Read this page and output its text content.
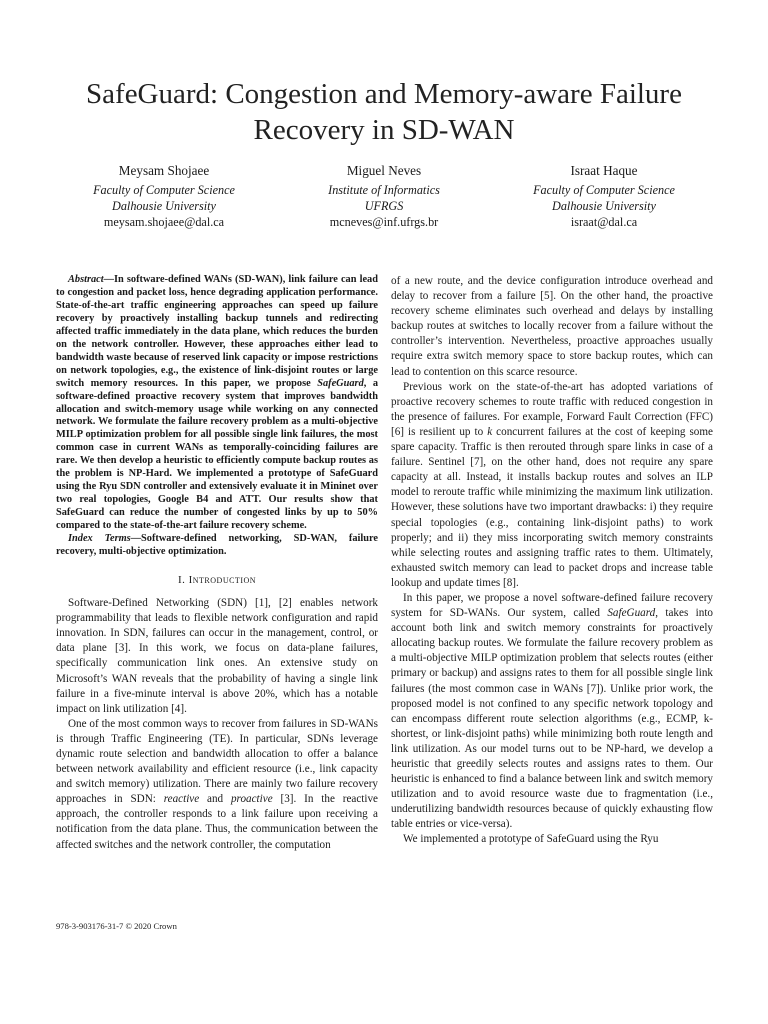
SafeGuard: Congestion and Memory-aware Failure
Recovery in SD-WAN
Meysam Shojaee
Faculty of Computer Science
Dalhousie University
meysam.shojaee@dal.ca
Miguel Neves
Institute of Informatics
UFRGS
mcneves@inf.ufrgs.br
Israat Haque
Faculty of Computer Science
Dalhousie University
israat@dal.ca

Abstract—In software-defined WANs (SD-WAN), link failure can lead to congestion and packet loss, hence degrading application performance. State-of-the-art traffic engineering approaches can speed up failure recovery by proactively installing backup tunnels and redirecting affected traffic immediately in the data plane, which reduces the burden on the network controller. However, these approaches either lead to bandwidth waste because of reserved link capacity or impose restrictions on network topologies, e.g., the existence of link-disjoint routes or large switch memory resources. In this paper, we propose SafeGuard, a software-defined proactive recovery system that improves bandwidth allocation and switch-memory usage while working on any connected network. We formulate the failure recovery problem as a multi-objective MILP optimization problem for all possible single link failures, the most common case in current WANs as temporally-coinciding failures are rare. We then develop a heuristic to efficiently compute backup routes as the problem is NP-Hard. We implemented a prototype of SafeGuard using the Ryu SDN controller and extensively evaluate it in Mininet over two real topologies, Google B4 and ATT. Our results show that SafeGuard can reduce the number of congested links by up to 50% compared to the state-of-the-art failure recovery scheme.

Index Terms—Software-defined networking, SD-WAN, failure recovery, multi-objective optimization.

I. Introduction

Software-Defined Networking (SDN) [1], [2] enables network programmability that leads to flexible network configuration and rapid innovation. In SDN, failures can occur in the management, control, or data plane [3]. In this work, we focus on data-plane failures, specifically communication link ones. An extensive study on Microsoft’s WAN reveals that the probability of having a single link failure in a five-minute interval is above 20%, which has a notable impact on link utilization [4].

One of the most common ways to recover from failures in SD-WANs is through Traffic Engineering (TE). In particular, SDNs leverage dynamic route selection and bandwidth allocation to offer a balance between network availability and efficient resource (i.e., link capacity and switch memory) utilization. There are mainly two failure recovery approaches in SDN: reactive and proactive [3]. In the reactive approach, the controller responds to a link failure upon receiving a notification from the data plane. Thus, the communication between the affected switches and the network controller, the computation

of a new route, and the device configuration introduce overhead and delay to recover from a failure [5]. On the other hand, the proactive recovery scheme eliminates such overhead and delays by installing backup routes at switches to locally recover from a failure without the controller’s intervention. Nevertheless, proactive approaches usually require extra switch memory space to store backup routes, which can lead to contention on this scarce resource.

Previous work on the state-of-the-art has adopted variations of proactive recovery schemes to route traffic with reduced congestion in the presence of failures. For example, Forward Fault Correction (FFC) [6] is resilient up to k concurrent failures at the cost of keeping some spare capacity. Traffic is then rerouted through spare links in case of a failure. Sentinel [7], on the other hand, does not require any spare capacity at all. Instead, it installs backup routes and solves an ILP model to reroute traffic while minimizing the maximum link utilization. However, these solutions have two important drawbacks: i) they require special topologies (e.g., containing link-disjoint paths) to work properly; and ii) they miss incorporating switch memory constraints while selecting routes and assigning traffic rates to them. Ultimately, exhausted switch memory can lead to packet drops and increase table lookup and update times [8].

In this paper, we propose a novel software-defined failure recovery system for SD-WANs. Our system, called SafeGuard, takes into account both link and switch memory constraints for proactively allocating backup routes. We formulate the failure recovery problem as a multi-objective MILP optimization problem that selects routes (either primary or backup) and assigns rates to them for all possible single link failures (the most common case in WANs [7]). Unlike prior work, the proposed model is not confined to any specific network topology and can encompass different route selection algorithms (e.g., ECMP, k-shortest, or link-disjoint paths) while minimizing both route length and link utilization. As our model turns out to be NP-hard, we develop a heuristic that greedily selects routes and assigns rates to them. Our heuristic is enhanced to find a balance between link and switch memory utilization and to avoid resource waste due to fragmentation (i.e., underutilizing bandwidth resources because of quickly exhausting flow table entries or vice-versa).

We implemented a prototype of SafeGuard using the Ryu

978-3-903176-31-7 © 2020 Crown
